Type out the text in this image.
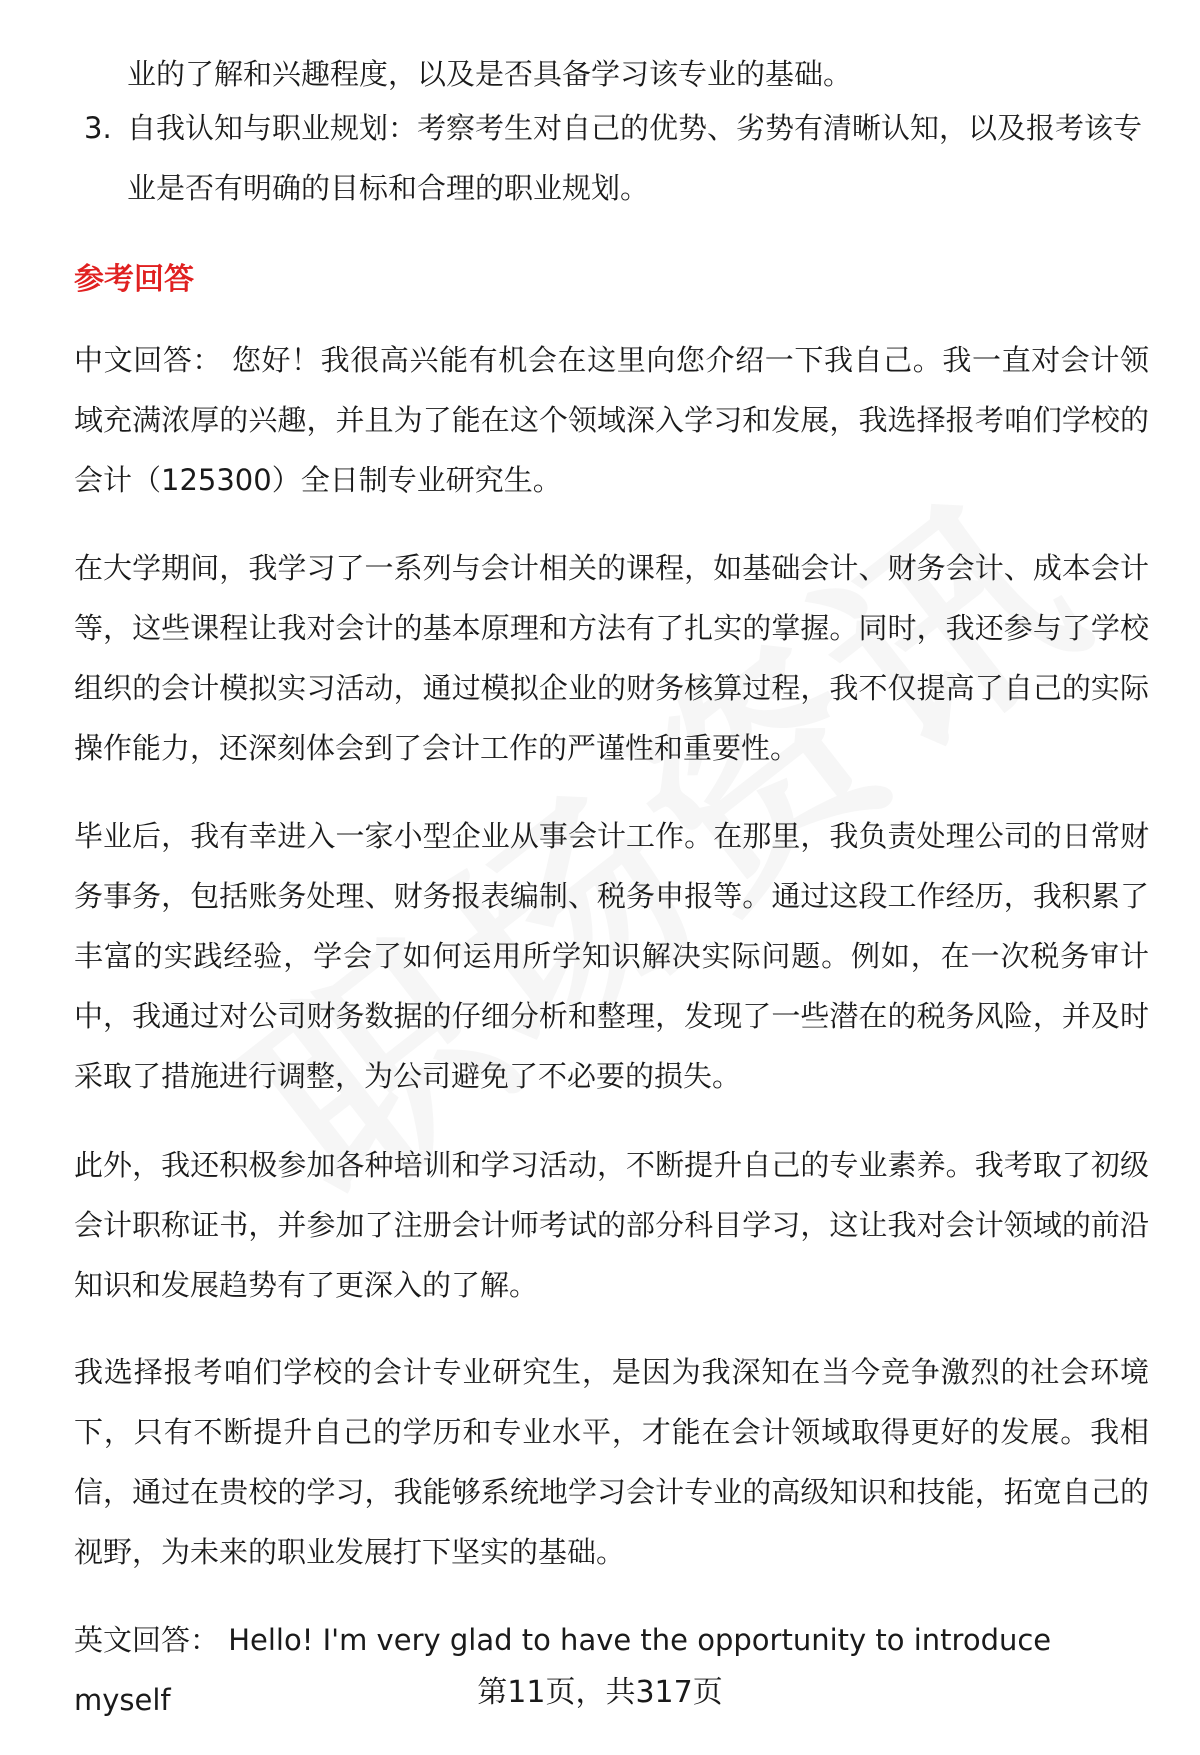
业的了解和兴趣程度，以及是否具备学习该专业的基础。
3. 自我认知与职业规划：考察考生对自己的优势、劣势有清晰认知，以及报考该专业是否有明确的目标和合理的职业规划。
参考回答
中文回答： 您好！我很高兴能有机会在这里向您介绍一下我自己。我一直对会计领域充满浓厚的兴趣，并且为了能在这个领域深入学习和发展，我选择报考咱们学校的会计（125300）全日制专业研究生。
在大学期间，我学习了一系列与会计相关的课程，如基础会计、财务会计、成本会计等，这些课程让我对会计的基本原理和方法有了扎实的掌握。同时，我还参与了学校组织的会计模拟实习活动，通过模拟企业的财务核算过程，我不仅提高了自己的实际操作能力，还深刻体会到了会计工作的严谨性和重要性。
毕业后，我有幸进入一家小型企业从事会计工作。在那里，我负责处理公司的日常财务事务，包括账务处理、财务报表编制、税务申报等。通过这段工作经历，我积累了丰富的实践经验，学会了如何运用所学知识解决实际问题。例如，在一次税务审计中，我通过对公司财务数据的仔细分析和整理，发现了一些潜在的税务风险，并及时采取了措施进行调整，为公司避免了不必要的损失。
此外，我还积极参加各种培训和学习活动，不断提升自己的专业素养。我考取了初级会计职称证书，并参加了注册会计师考试的部分科目学习，这让我对会计领域的前沿知识和发展趋势有了更深入的了解。
我选择报考咱们学校的会计专业研究生，是因为我深知在当今竞争激烈的社会环境下，只有不断提升自己的学历和专业水平，才能在会计领域取得更好的发展。我相信，通过在贵校的学习，我能够系统地学习会计专业的高级知识和技能，拓宽自己的视野，为未来的职业发展打下坚实的基础。
英文回答： Hello! I'm very glad to have the opportunity to introduce myself	第11页，共317页
